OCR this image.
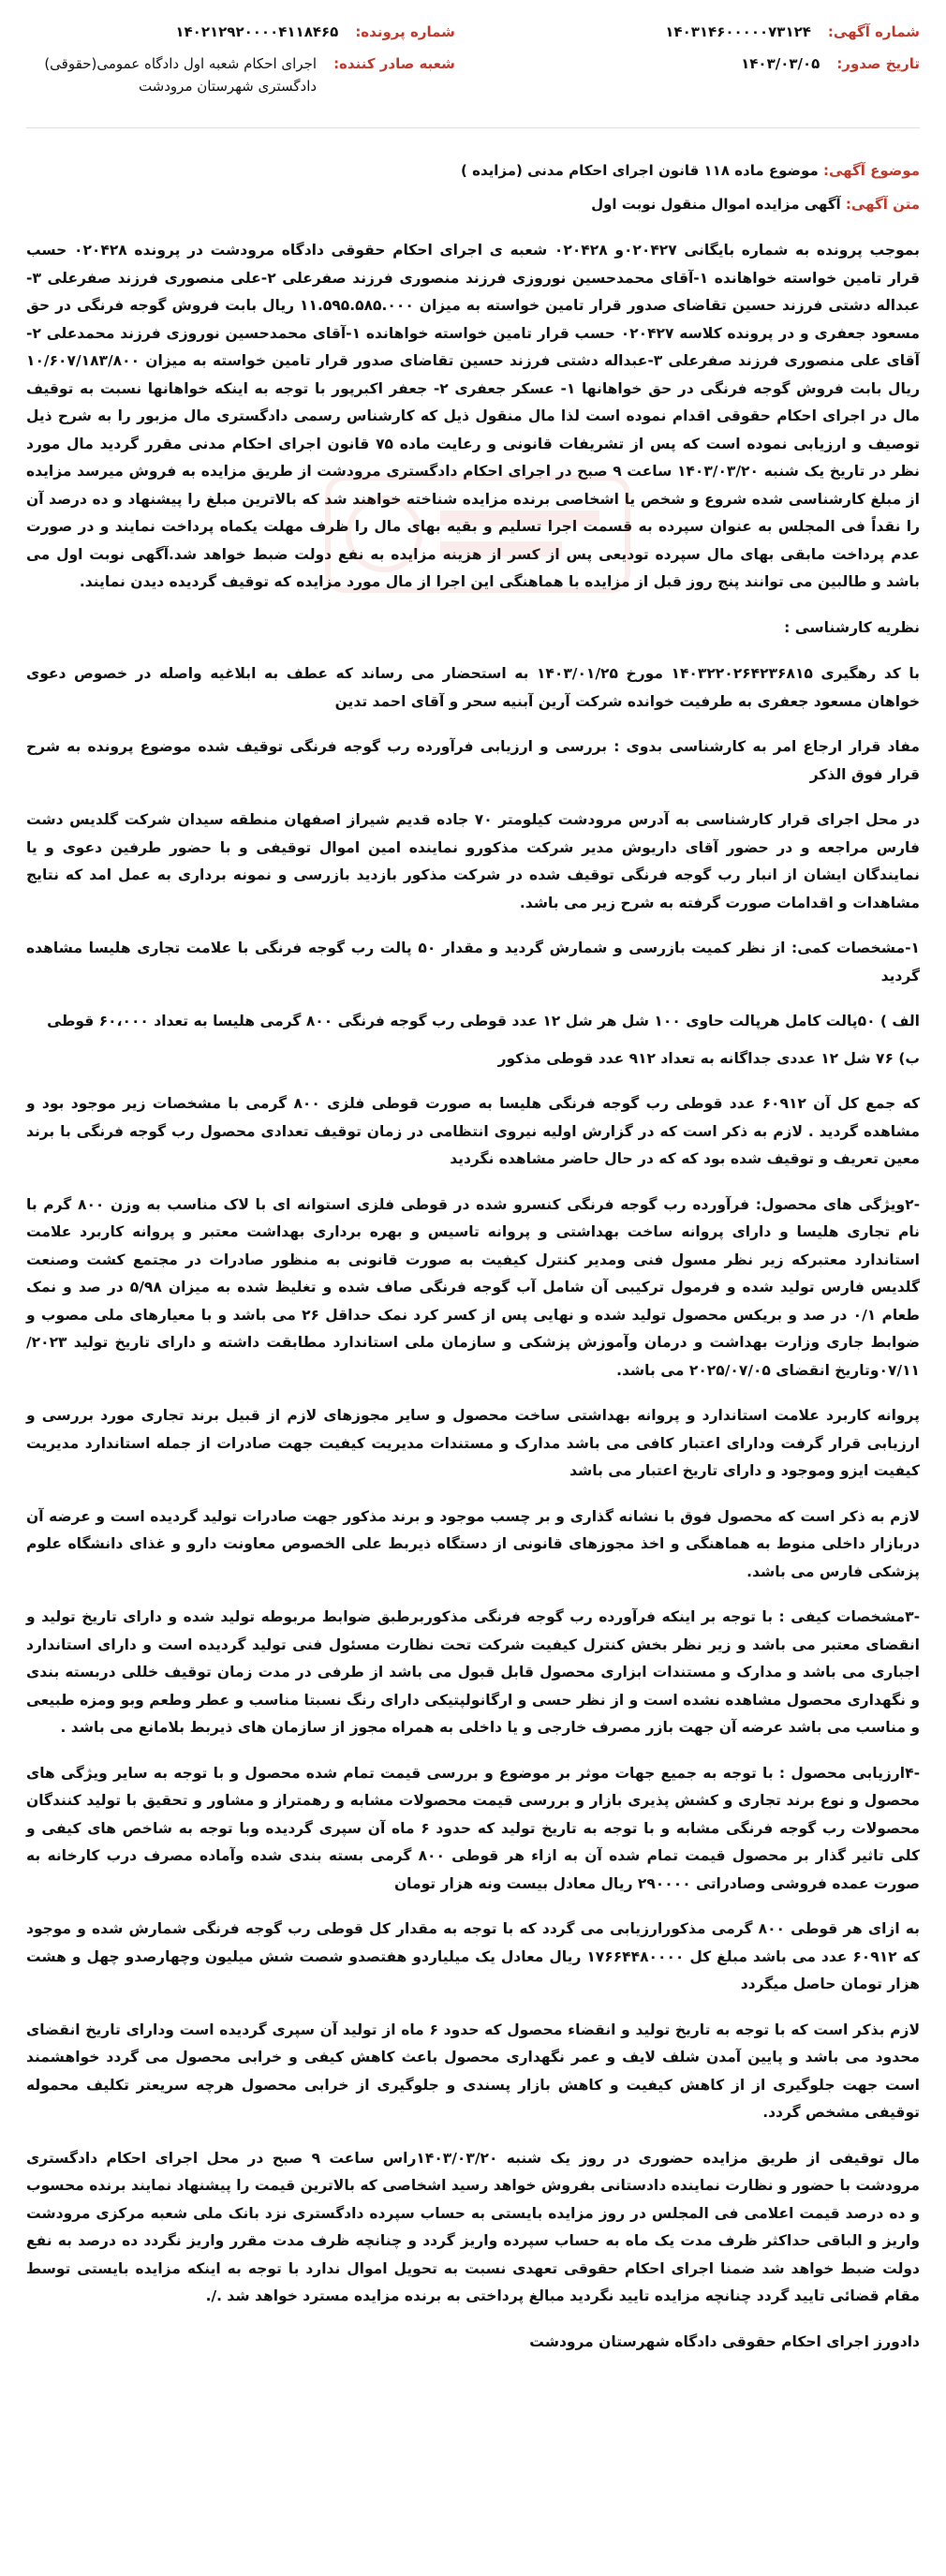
شماره آگهی:
۱۴۰۳۱۴۶۰۰۰۰۰۷۳۱۲۴
تاریخ صدور:
۱۴۰۳/۰۳/۰۵
شماره پرونده:
۱۴۰۲۱۲۹۲۰۰۰۰۴۱۱۸۴۶۵
شعبه صادر کننده:
اجرای احکام شعبه اول دادگاه عمومی(حقوقی) دادگستری شهرستان مرودشت
موضوع آگهی: موضوع ماده ۱۱۸ قانون اجرای احکام مدنی (مزایده )
متن آگهی: آگهی مزایده اموال منقول نوبت اول

بموجب پرونده به شماره بایگانی ۰۲۰۴۲۷و ۰۲۰۴۲۸ شعبه ی اجرای احکام حقوقی دادگاه مرودشت در پرونده ۰۲۰۴۲۸ حسب قرار تامین خواسته خواهانده ۱-آقای محمدحسین نوروزی فرزند منصوری فرزند صفرعلی ۲-علی منصوری فرزند صفرعلی ۳-عبداله دشتی فرزند حسین تقاضای صدور قرار تامین خواسته به میزان ۱۱.۵۹۵.۵۸۵.۰۰۰ ریال بابت فروش گوجه فرنگی در حق مسعود جعفری و در پرونده کلاسه ۰۲۰۴۲۷ حسب قرار تامین خواسته خواهانده ۱-آقای محمدحسین نوروزی فرزند محمدعلی ۲-آقای علی منصوری فرزند صفرعلی ۳-عبداله دشتی فرزند حسین تقاضای صدور قرار تامین خواسته به میزان ۱۰/۶۰۷/۱۸۳/۸۰۰ ریال بابت فروش گوجه فرنگی در حق خواهانها ۱- عسکر جعفری ۲- جعفر اکبرپور با توجه به اینکه خواهانها نسبت به توقیف مال در اجرای احکام حقوقی اقدام نموده است لذا مال منقول ذیل که کارشناس رسمی دادگستری مال مزبور را به شرح ذیل توصیف و ارزیابی نموده است که پس از تشریفات قانونی و رعایت ماده ۷۵ قانون اجرای احکام مدنی مقرر گردید مال مورد نظر در تاریخ یک شنبه ۱۴۰۳/۰۳/۲۰ ساعت ۹ صبح در اجرای احکام دادگستری مرودشت از طریق مزایده به فروش میرسد مزایده از مبلغ کارشناسی شده شروع و شخص یا اشخاصی برنده مزایده شناخته خواهند شد که بالاترین مبلغ را پیشنهاد و ده درصد آن را نقداً فی المجلس به عنوان سپرده به قسمت اجرا تسلیم و بقیه بهای مال را ظرف مهلت یکماه پرداخت نمایند و در صورت عدم پرداخت مابقی بهای مال سپرده تودیعی پس از کسر از هزینه مزایده به نفع دولت ضبط خواهد شد.آگهی نوبت اول می باشد و طالبین می توانند پنج روز قبل از مزایده با هماهنگی این اجرا از مال مورد مزایده که توقیف گردیده دیدن نمایند.

نظریه کارشناسی :

با کد رهگیری ۱۴۰۳۲۲۰۲۶۴۲۳۶۸۱۵ مورخ ۱۴۰۳/۰۱/۲۵ به استحضار می رساند که عطف به ابلاغیه واصله در خصوص دعوی خواهان مسعود جعفری به طرفیت خوانده شرکت آرین آبنیه سحر و آقای احمد تدین

مفاد قرار ارجاع امر به کارشناسی بدوی : بررسی و ارزیابی فرآورده رب گوجه فرنگی توقیف شده موضوع پرونده به شرح قرار فوق الذکر

در محل اجرای قرار کارشناسی به آدرس مرودشت کیلومتر ۷۰ جاده قدیم شیراز اصفهان منطقه سیدان شرکت گلدیس دشت فارس مراجعه و در حضور آقای داریوش مدیر شرکت مذکورو نماینده امین اموال توقیفی و با حضور طرفین دعوی و یا نمایندگان ایشان از انبار رب گوجه فرنگی توقیف شده در شرکت مذکور بازدید بازرسی و نمونه برداری به عمل امد که نتایج مشاهدات و اقدامات صورت گرفته به شرح زیر می باشد.

۱-مشخصات کمی: از نظر کمیت بازرسی و شمارش گردید و مقدار ۵۰ پالت رب گوجه فرنگی با علامت تجاری هلیسا مشاهده گردید

الف ) ۵۰پالت کامل هرپالت حاوی ۱۰۰ شل هر شل ۱۲ عدد قوطی رب گوجه فرنگی ۸۰۰ گرمی هلیسا به تعداد ۶۰،۰۰۰ قوطی

ب) ۷۶ شل ۱۲ عددی جداگانه به تعداد ۹۱۲ عدد قوطی مذکور

که جمع کل آن ۶۰۹۱۲ عدد قوطی رب گوجه فرنگی هلیسا به صورت قوطی فلزی ۸۰۰ گرمی با مشخصات زیر موجود بود و مشاهده گردید . لازم به ذکر است که در گزارش اولیه نیروی انتظامی در زمان توقیف تعدادی محصول رب گوجه فرنگی با برند معین تعریف و توقیف شده بود که که در حال حاضر مشاهده نگردید

-۲ویژگی های محصول: فرآورده رب گوجه فرنگی کنسرو شده در قوطی فلزی استوانه ای با لاک مناسب به وزن ۸۰۰ گرم با نام تجاری هلیسا و دارای پروانه ساخت بهداشتی و پروانه تاسیس و بهره برداری بهداشت معتبر و پروانه کاربرد علامت استاندارد معتبرکه زیر نظر مسول فنی ومدیر کنترل کیفیت به صورت قانونی به منظور صادرات در مجتمع کشت وصنعت گلدیس فارس تولید شده و فرمول ترکیبی آن شامل آب گوجه فرنگی صاف شده و تغلیظ شده به میزان ۵/۹۸ در صد و نمک طعام ۰/۱ در صد و بریکس محصول تولید شده و نهایی پس از کسر کرد نمک حداقل ۲۶ می باشد و با معیارهای ملی مصوب و ضوابط جاری وزارت بهداشت و درمان وآموزش پزشکی و سازمان ملی استاندارد مطابقت داشته و دارای تاریخ تولید ۲۰۲۳/ ۰۷/۱۱وتاریخ انقضای ۲۰۲۵/۰۷/۰۵ می باشد.

پروانه کاربرد علامت استاندارد و پروانه بهداشتی ساخت محصول و سایر مجوزهای لازم از قبیل برند تجاری مورد بررسی و ارزیابی قرار گرفت ودارای اعتبار کافی می باشد مدارک و مستندات مدیریت کیفیت جهت صادرات از جمله استاندارد مدیریت کیفیت ایزو وموجود و دارای تاریخ اعتبار می باشد

لازم به ذکر است که محصول فوق با نشانه گذاری و بر چسب موجود و برند مذکور جهت صادرات تولید گردیده است و عرضه آن دربازار داخلی منوط به هماهنگی و اخذ مجوزهای قانونی از دستگاه ذیربط علی الخصوص معاونت دارو و غذای دانشگاه علوم پزشکی فارس می باشد.

-۳مشخصات کیفی : با توجه بر اینکه فرآورده رب گوجه فرنگی مذکوربرطبق ضوابط مربوطه تولید شده و دارای تاریخ تولید و انقضای معتبر می باشد و زیر نظر بخش کنترل کیفیت شرکت تحت نظارت مسئول فنی تولید گردیده است و دارای استاندارد اجباری می باشد و مدارک و مستندات ابزاری محصول قابل قبول می باشد از طرفی در مدت زمان توقیف خللی دربسته بندی و نگهداری محصول مشاهده نشده است و از نظر حسی و ارگانولپتیکی دارای رنگ نسبتا مناسب و عطر وطعم وبو ومزه طبیعی و مناسب می باشد عرضه آن جهت بازر مصرف خارجی و یا داخلی به همراه مجوز از سازمان های ذیربط بلامانع می باشد .

-۴ارزیابی محصول : با توجه به جمیع جهات موثر بر موضوع و بررسی قیمت تمام شده محصول و با توجه به سایر ویژگی های محصول و نوع برند تجاری و کشش پذیری بازار و بررسی قیمت محصولات مشابه و رهمتراز و مشاور و تحقیق با تولید کنندگان محصولات رب گوجه فرنگی مشابه و با توجه به تاریخ تولید که حدود ۶ ماه آن سپری گردیده وبا توجه به شاخص های کیفی و کلی تاثیر گذار بر محصول قیمت تمام شده آن به ازاء هر قوطی ۸۰۰ گرمی بسته بندی شده وآماده مصرف درب کارخانه به صورت عمده فروشی وصادراتی ۲۹۰۰۰۰ ریال معادل بیست ونه هزار تومان

به ازای هر قوطی ۸۰۰ گرمی مذکورارزیابی می گردد که با توجه به مقدار کل قوطی رب گوجه فرنگی شمارش شده و موجود که ۶۰۹۱۲ عدد می باشد مبلغ کل ۱۷۶۶۴۴۸۰۰۰۰ ریال معادل یک میلیاردو هفتصدو شصت شش میلیون وچهارصدو چهل و هشت هزار تومان حاصل میگردد

لازم بذکر است که با توجه به تاریخ تولید و انقضاء محصول که حدود ۶ ماه از تولید آن سپری گردیده است ودارای تاریخ انقضای محدود می باشد و پایین آمدن شلف لایف و عمر نگهداری محصول باعث کاهش کیفی و خرابی محصول می گردد خواهشمند است جهت جلوگیری از از کاهش کیفیت و کاهش بازار پسندی و جلوگیری از خرابی محصول هرچه سریعتر تکلیف محموله توقیفی مشخص گردد.

مال توقیفی از طریق مزایده حضوری در روز یک شنبه ۱۴۰۳/۰۳/۲۰راس ساعت ۹ صبح در محل اجرای احکام دادگستری مرودشت با حضور و نظارت نماینده دادستانی بفروش خواهد رسید اشخاصی که بالاترین قیمت را پیشنهاد نمایند برنده محسوب و ده درصد قیمت اعلامی فی المجلس در روز مزایده بایستی به حساب سپرده دادگستری نزد بانک ملی شعبه مرکزی مرودشت واریز و الباقی حداکثر ظرف مدت یک ماه به حساب سپرده واریز گردد و چنانچه ظرف مدت مقرر واریز نگردد ده درصد به نفع دولت ضبط خواهد شد ضمنا اجرای احکام حقوقی تعهدی نسبت به تحویل اموال ندارد با توجه به اینکه مزایده بایستی توسط مقام قضائی تایید گردد چنانچه مزایده تایید نگردید مبالغ پرداختی به برنده مزایده مسترد خواهد شد ./.

دادورز اجرای احکام حقوقی دادگاه شهرستان مرودشت
